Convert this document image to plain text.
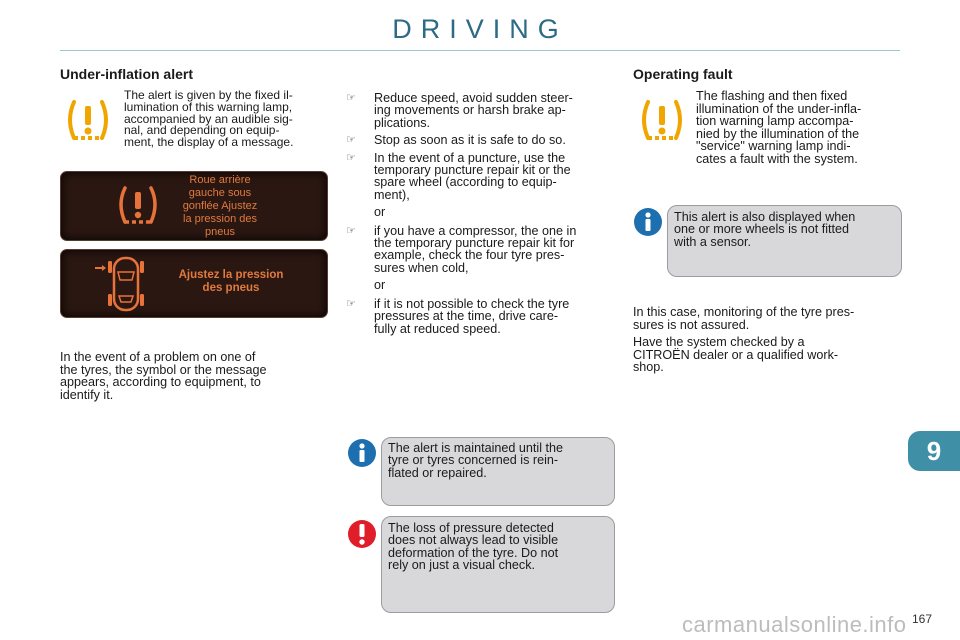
DRIVING
Under-inflation alert
The alert is given by the fixed il-
lumination of this warning lamp,
accompanied by an audible sig-
nal, and depending on equip-
ment, the display of a message.
Roue arrière
gauche sous
gonflée Ajustez
la pression des
pneus
Ajustez la pression
des pneus
In the event of a problem on one of
the tyres, the symbol or the message
appears, according to equipment, to
identify it.
☞ Reduce speed, avoid sudden steer-
ing movements or harsh brake ap-
plications.
☞ Stop as soon as it is safe to do so.
☞ In the event of a puncture, use the
temporary puncture repair kit or the
spare wheel (according to equip-
ment),
or
☞ if you have a compressor, the one in
the temporary puncture repair kit for
example, check the four tyre pres-
sures when cold,
or
☞ if it is not possible to check the tyre
pressures at the time, drive care-
fully at reduced speed.
The alert is maintained until the
tyre or tyres concerned is rein-
flated or repaired.
The loss of pressure detected
does not always lead to visible
deformation of the tyre. Do not
rely on just a visual check.
Operating fault
The flashing and then fixed
illumination of the under-infla-
tion warning lamp accompa-
nied by the illumination of the
"service" warning lamp indi-
cates a fault with the system.
This alert is also displayed when
one or more wheels is not fitted
with a sensor.
In this case, monitoring of the tyre pres-
sures is not assured.
Have the system checked by a
CITROËN dealer or a qualified work-
shop.
9
167
carmanualsonline.info
